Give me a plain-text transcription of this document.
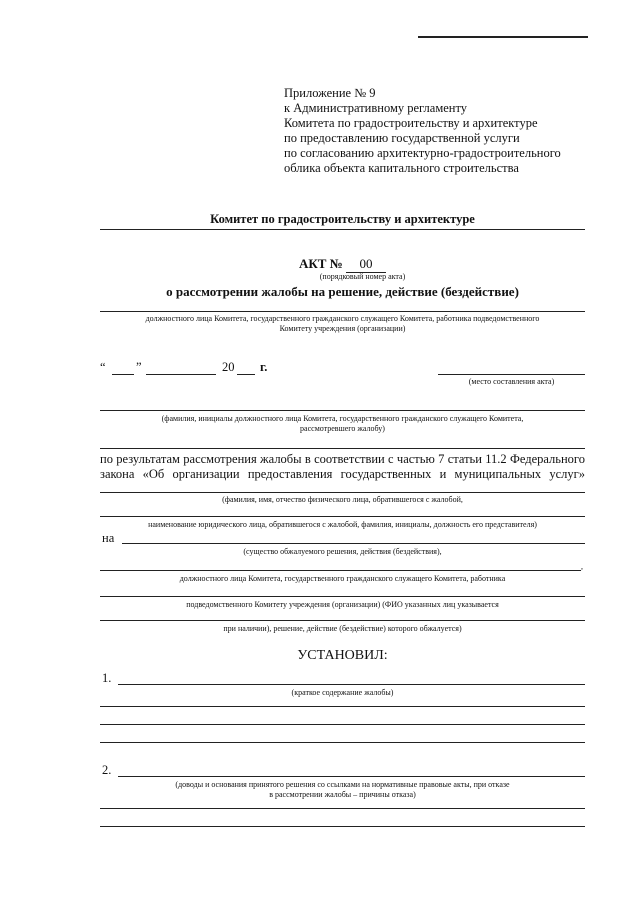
Приложение № 9
к Административному регламенту
Комитета по градостроительству и архитектуре
по предоставлению государственной услуги
по согласованию архитектурно-градостроительного
облика объекта капитального строительства
Комитет по градостроительству и архитектуре
АКТ № 00
(порядковый номер акта)
о рассмотрении жалобы на решение, действие (бездействие)
должностного лица Комитета, государственного гражданского служащего Комитета, работника подведомственного
Комитету учреждения (организации)
“ ”	20 г.
(место составления акта)
(фамилия, инициалы должностного лица Комитета, государственного гражданского служащего Комитета,
рассмотревшего жалобу)
по результатам рассмотрения жалобы в соответствии с частью 7 статьи 11.2 Федерального
закона «Об организации предоставления государственных и муниципальных услуг»
(фамилия, имя, отчество физического лица, обратившегося с жалобой,
наименование юридического лица, обратившегося с жалобой, фамилия, инициалы, должность его представителя)
на
(существо обжалуемого решения, действия (бездействия),
,
должностного лица Комитета, государственного гражданского служащего Комитета, работника
подведомственного Комитету учреждения (организации) (ФИО указанных лиц указывается
при наличии), решение, действие (бездействие) которого обжалуется)
УСТАНОВИЛ:
1.
(краткое содержание жалобы)
2.
(доводы и основания принятого решения со ссылками на нормативные правовые акты, при отказе
в рассмотрении жалобы – причины отказа)
